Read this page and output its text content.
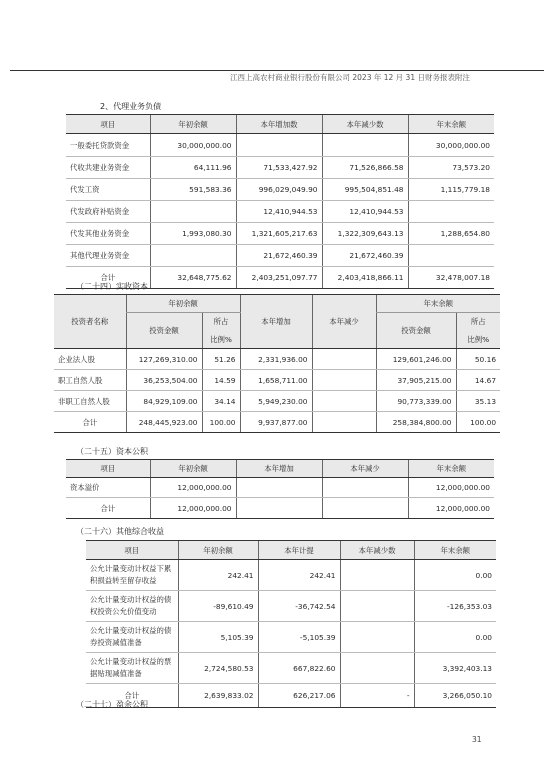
江西上高农村商业银行股份有限公司 2023 年 12 月 31 日财务报表附注
2、代理业务负债
项目	年初余额	本年增加数	本年减少数	年末余额
一般委托贷款资金	30,000,000.00			30,000,000.00
代收共建业务资金	64,111.96	71,533,427.92	71,526,866.58	73,573.20
代发工资	591,583.36	996,029,049.90	995,504,851.48	1,115,779.18
代发政府补贴资金		12,410,944.53	12,410,944.53	
代发其他业务资金	1,993,080.30	1,321,605,217.63	1,322,309,643.13	1,288,654.80
其他代理业务资金		21,672,460.39	21,672,460.39	
合计	32,648,775.62	2,403,251,097.77	2,403,418,866.11	32,478,007.18
（二十四）实收资本
投资者名称	年初余额		本年增加	本年减少	年末余额	
	投资金额	所占			投资金额	所占
		比例%				比例%
企业法人股	127,269,310.00	51.26	2,331,936.00		129,601,246.00	50.16
职工自然人股	36,253,504.00	14.59	1,658,711.00		37,905,215.00	14.67
非职工自然人股	84,929,109.00	34.14	5,949,230.00		90,773,339.00	35.13
合计	248,445,923.00	100.00	9,937,877.00		258,384,800.00	100.00
（二十五）资本公积
项目	年初余额	本年增加	本年减少	年末余额
资本溢价	12,000,000.00			12,000,000.00
合计	12,000,000.00			12,000,000.00
（二十六）其他综合收益
项目	年初余额	本年计提	本年减少数	年末余额
公允计量变动计权益下累积损益转至留存收益	242.41	242.41		0.00
公允计量变动计权益的债权投资公允价值变动	-89,610.49	-36,742.54		-126,353.03
公允计量变动计权益的债券投资减值准备	5,105.39	-5,105.39		0.00
公允计量变动计权益的票据贴现减值准备	2,724,580.53	667,822.60		3,392,403.13
合计	2,639,833.02	626,217.06	-	3,266,050.10
（二十七）盈余公积
31
